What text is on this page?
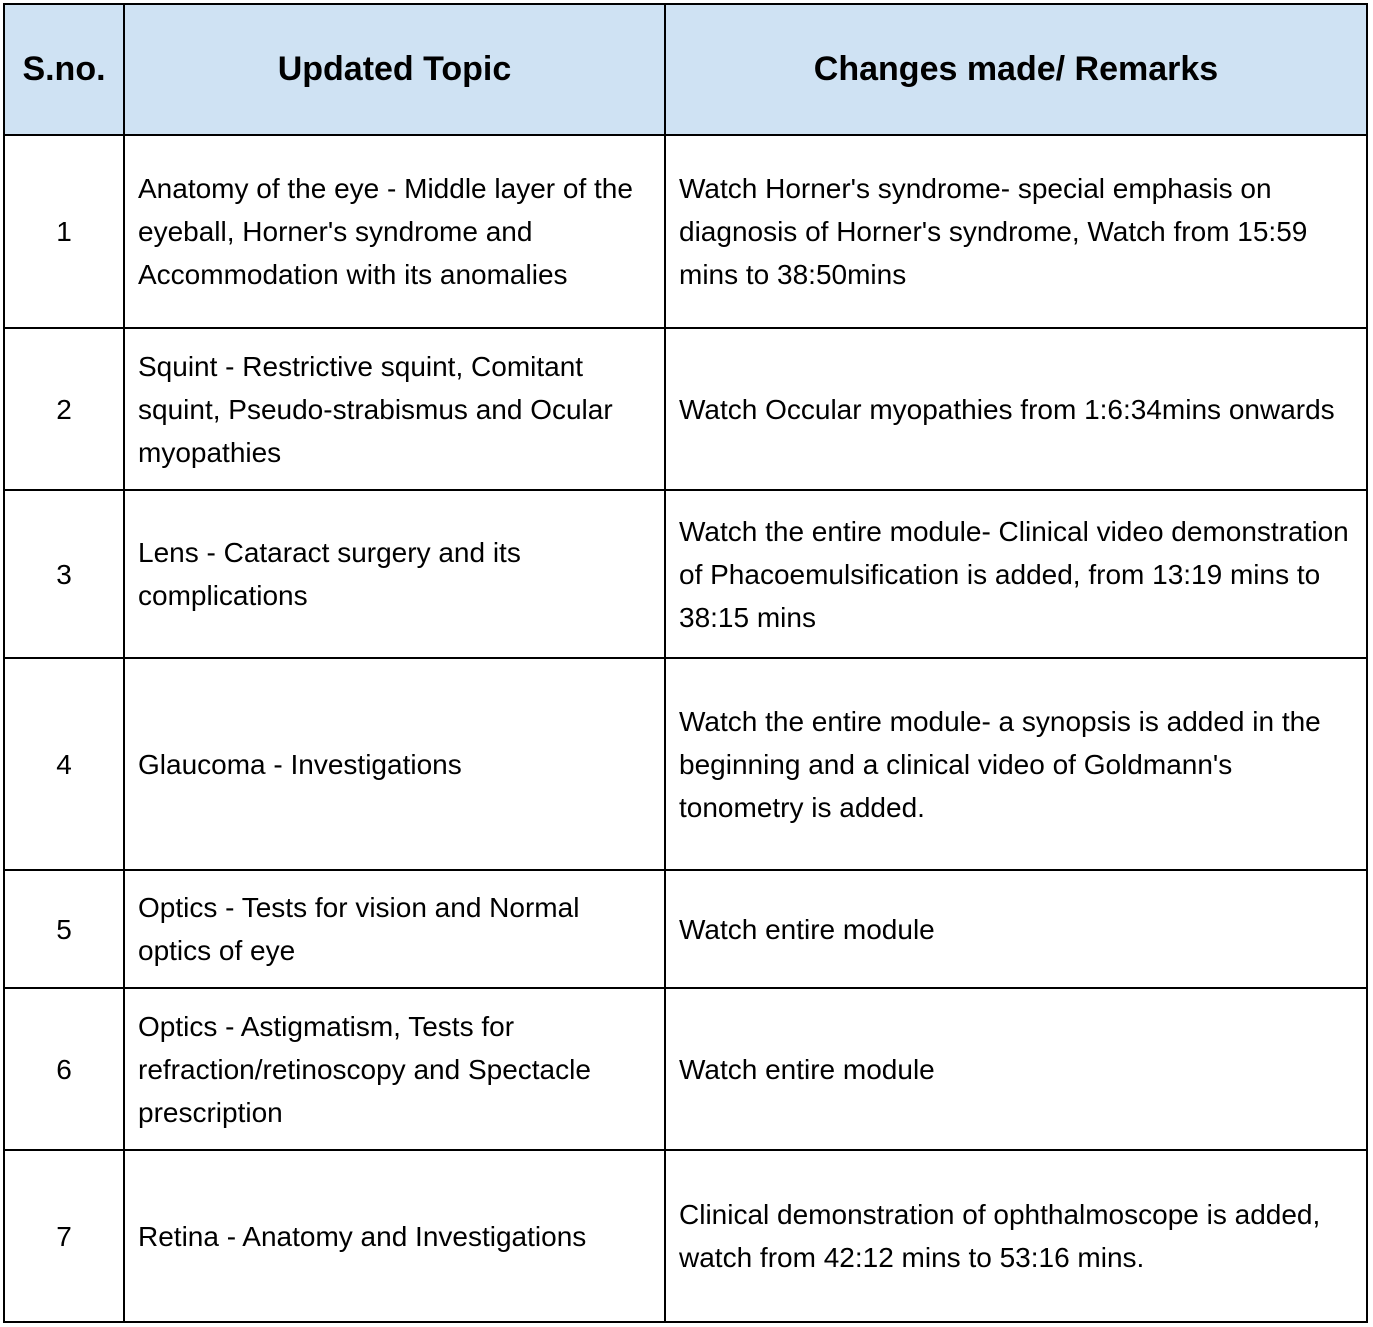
S.no.	Updated Topic	Changes made/ Remarks
1	Anatomy of the eye - Middle layer of the eyeball, Horner's syndrome and Accommodation with its anomalies	Watch Horner's syndrome- special emphasis on diagnosis of Horner's syndrome, Watch from 15:59 mins to 38:50mins
2	Squint - Restrictive squint, Comitant squint, Pseudo-strabismus and Ocular myopathies	Watch Occular myopathies from 1:6:34mins onwards
3	Lens - Cataract surgery and its complications	Watch the entire module- Clinical video demonstration of Phacoemulsification is added, from 13:19 mins to 38:15 mins
4	Glaucoma - Investigations	Watch the entire module- a synopsis is added in the beginning and a clinical video of Goldmann's tonometry is added.
5	Optics - Tests for vision and Normal optics of eye	Watch entire module
6	Optics - Astigmatism, Tests for refraction/retinoscopy and Spectacle prescription	Watch entire module
7	Retina - Anatomy and Investigations	Clinical demonstration of ophthalmoscope is added, watch from 42:12 mins to 53:16 mins.
